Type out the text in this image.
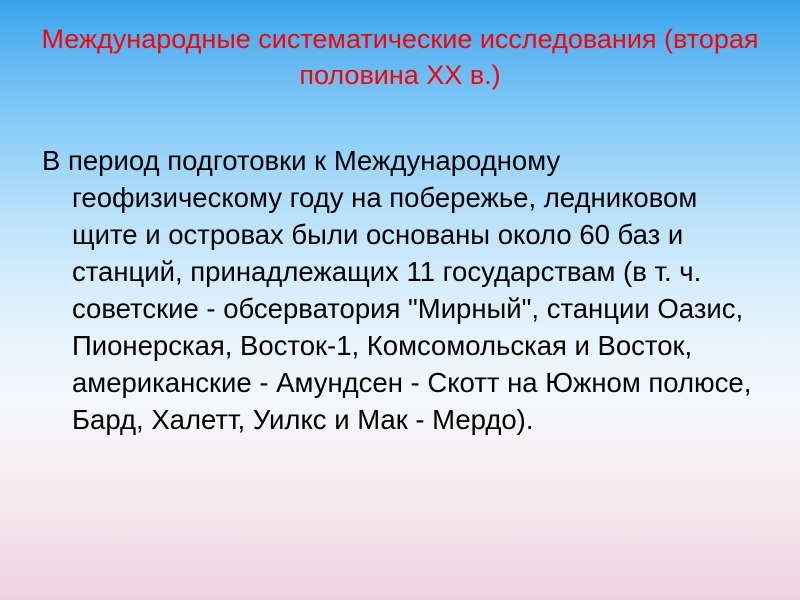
Международные систематические исследования (вторая половина XX в.)
В период подготовки к Международному геофизическому году на побережье, ледниковом щите и островах были основаны около 60 баз и станций, принадлежащих 11 государствам (в т. ч. советские - обсерватория "Мирный", станции Оазис, Пионерская, Восток-1, Комсомольская и Восток, американские - Амундсен - Скотт на Южном полюсе, Бард, Халетт, Уилкс и Мак - Мердо).
